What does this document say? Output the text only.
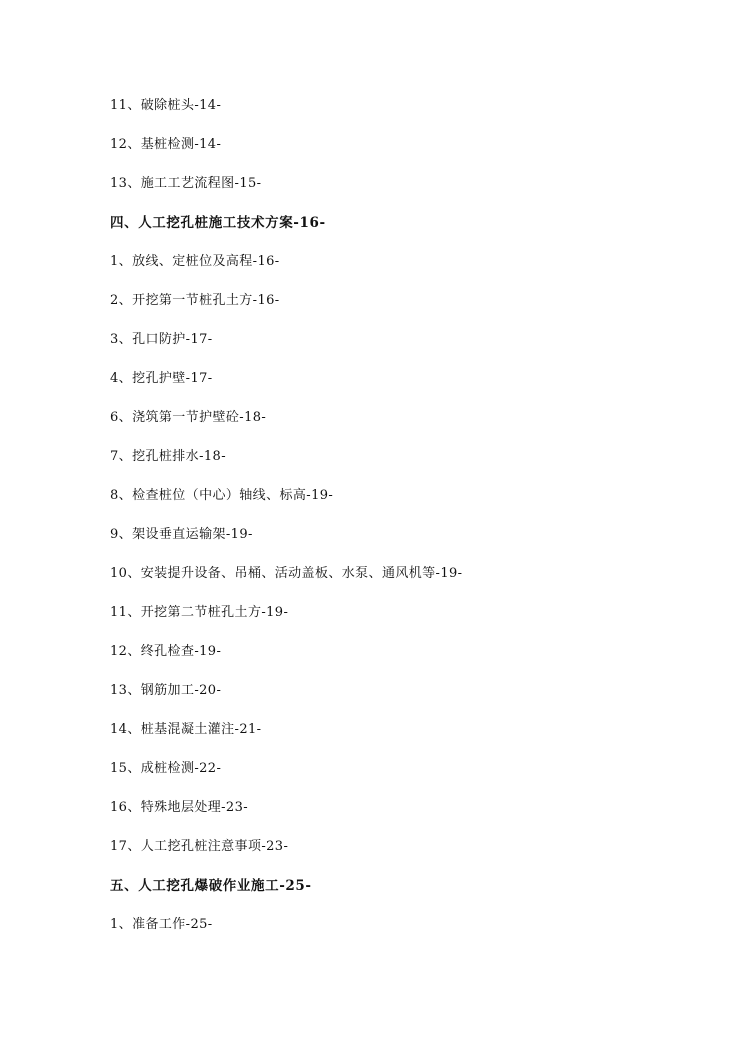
11、破除桩头-14-
12、基桩检测-14-
13、施工工艺流程图-15-
四、人工挖孔桩施工技术方案-16-
1、放线、定桩位及高程-16-
2、开挖第一节桩孔土方-16-
3、孔口防护-17-
4、挖孔护壁-17-
6、浇筑第一节护壁砼-18-
7、挖孔桩排水-18-
8、检查桩位（中心）轴线、标高-19-
9、架设垂直运输架-19-
10、安装提升设备、吊桶、活动盖板、水泵、通风机等-19-
11、开挖第二节桩孔土方-19-
12、终孔检查-19-
13、钢筋加工-20-
14、桩基混凝土灌注-21-
15、成桩检测-22-
16、特殊地层处理-23-
17、人工挖孔桩注意事项-23-
五、人工挖孔爆破作业施工-25-
1、准备工作-25-
